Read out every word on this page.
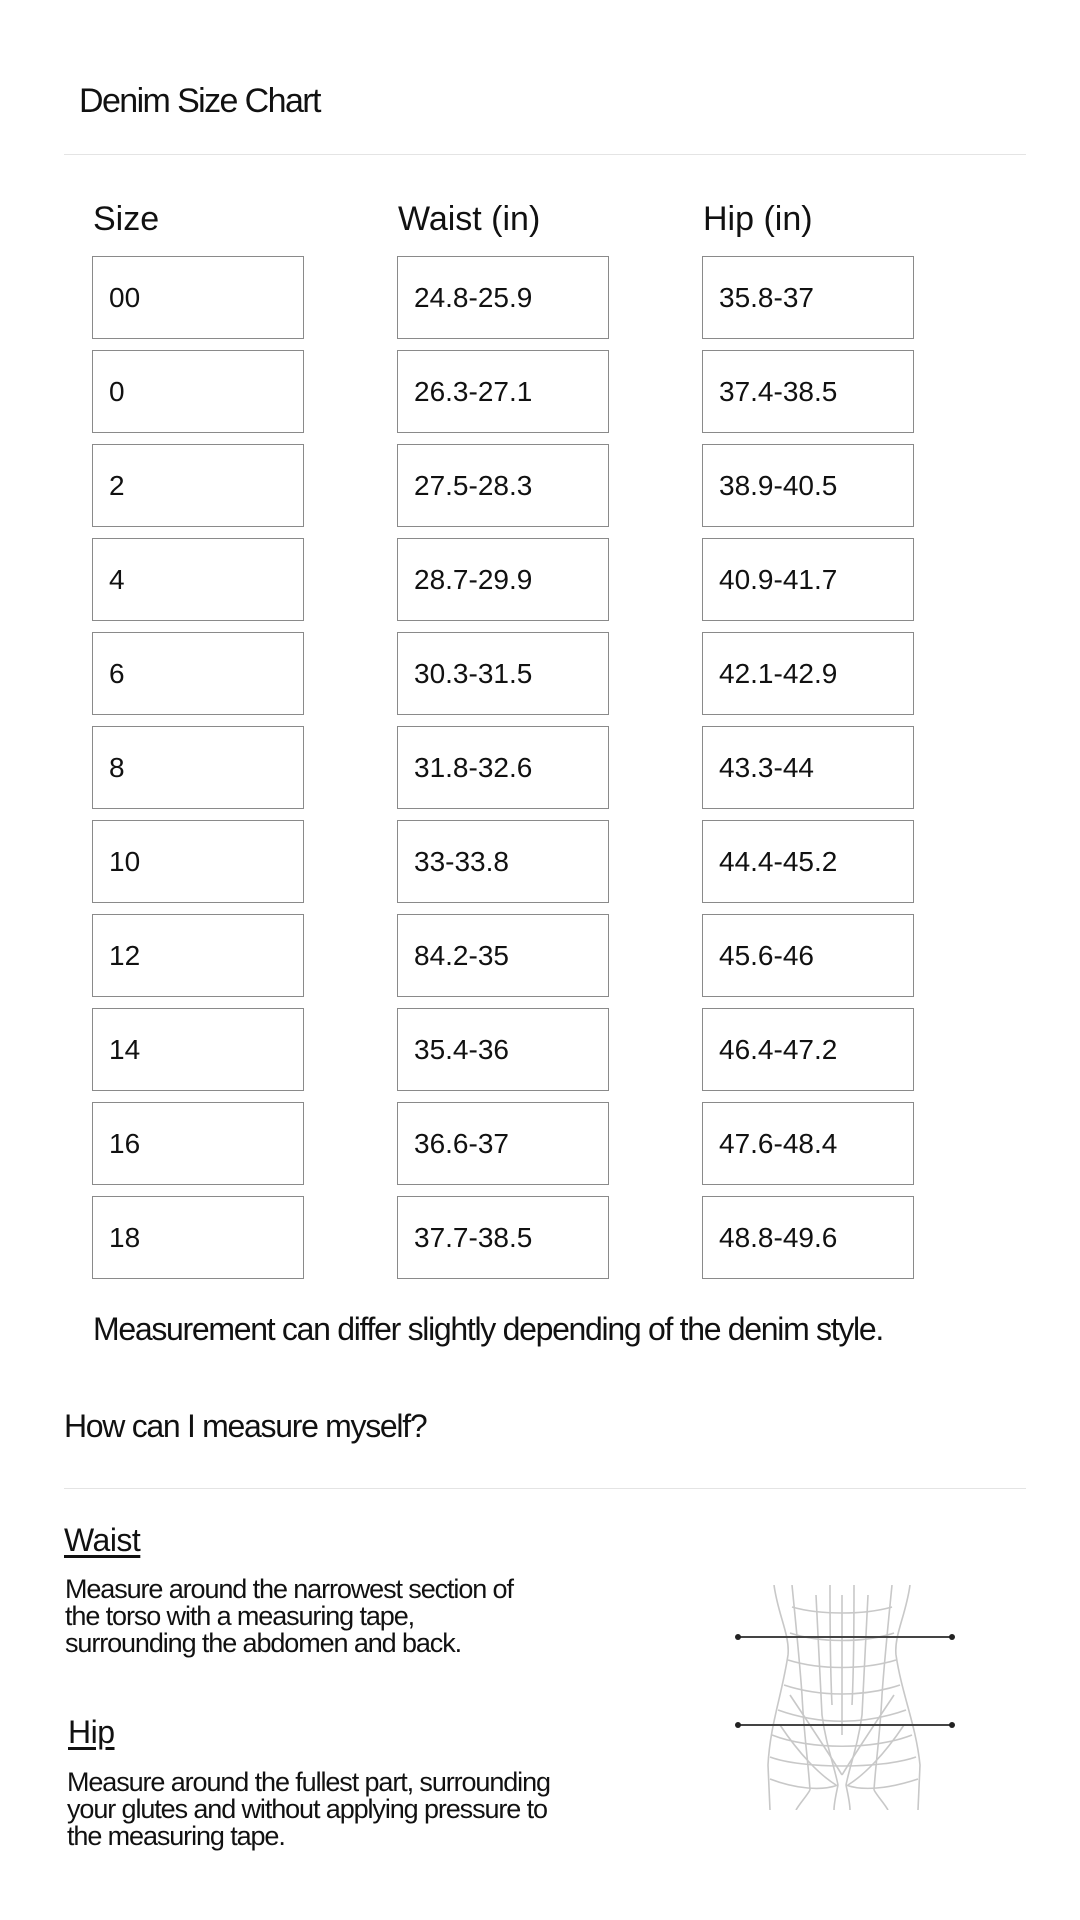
Denim Size Chart
Size	Waist (in)	Hip (in)
00	24.8-25.9	35.8-37
0	26.3-27.1	37.4-38.5
2	27.5-28.3	38.9-40.5
4	28.7-29.9	40.9-41.7
6	30.3-31.5	42.1-42.9
8	31.8-32.6	43.3-44
10	33-33.8	44.4-45.2
12	84.2-35	45.6-46
14	35.4-36	46.4-47.2
16	36.6-37	47.6-48.4
18	37.7-38.5	48.8-49.6
Measurement can differ slightly depending of the denim style.
How can I measure myself?
Waist
Measure around the narrowest section of
the torso with a measuring tape,
surrounding the abdomen and back.
Hip
Measure around the fullest part, surrounding
your glutes and without applying pressure to
the measuring tape.
